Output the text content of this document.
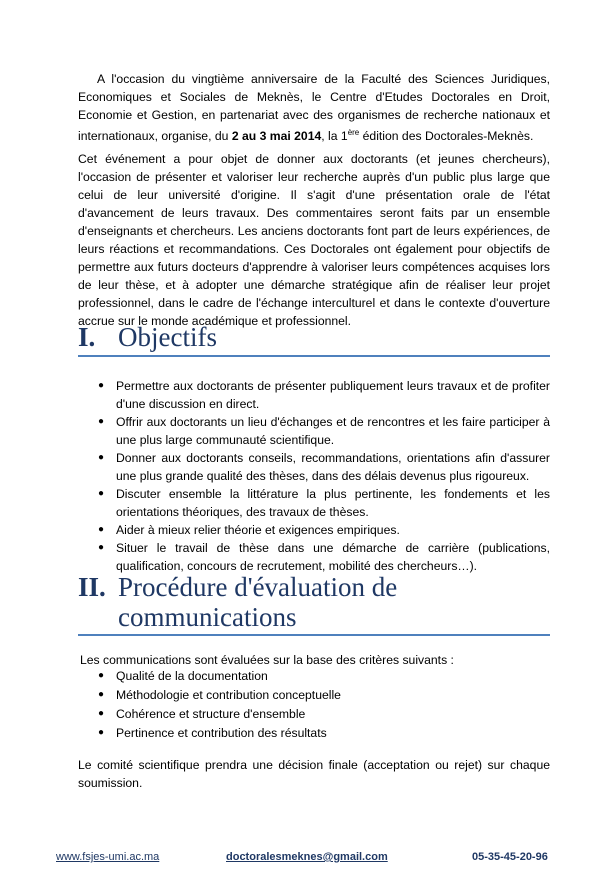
A l'occasion du vingtième anniversaire de la Faculté des Sciences Juridiques, Economiques et Sociales de Meknès, le Centre d'Etudes Doctorales en Droit, Economie et Gestion, en partenariat avec des organismes de recherche nationaux et internationaux, organise, du 2 au 3 mai 2014, la 1ère édition des Doctorales-Meknès.

Cet événement a pour objet de donner aux doctorants (et jeunes chercheurs), l'occasion de présenter et valoriser leur recherche auprès d'un public plus large que celui de leur université d'origine. Il s'agit d'une présentation orale de l'état d'avancement de leurs travaux. Des commentaires seront faits par un ensemble d'enseignants et chercheurs. Les anciens doctorants font part de leurs expériences, de leurs réactions et recommandations. Ces Doctorales ont également pour objectifs de permettre aux futurs docteurs d'apprendre à valoriser leurs compétences acquises lors de leur thèse, et à adopter une démarche stratégique afin de réaliser leur projet professionnel, dans le cadre de l'échange interculturel et dans le contexte d'ouverture accrue sur le monde académique et professionnel.

I. Objectifs
● Permettre aux doctorants de présenter publiquement leurs travaux et de profiter d'une discussion en direct.
● Offrir aux doctorants un lieu d'échanges et de rencontres et les faire participer à une plus large communauté scientifique.
● Donner aux doctorants conseils, recommandations, orientations afin d'assurer une plus grande qualité des thèses, dans des délais devenus plus rigoureux.
● Discuter ensemble la littérature la plus pertinente, les fondements et les orientations théoriques, des travaux de thèses.
● Aider à mieux relier théorie et exigences empiriques.
● Situer le travail de thèse dans une démarche de carrière (publications, qualification, concours de recrutement, mobilité des chercheurs…).
II. Procédure d'évaluation de communications
Les communications sont évaluées sur la base des critères suivants :
● Qualité de la documentation
● Méthodologie et contribution conceptuelle
● Cohérence et structure d'ensemble
● Pertinence et contribution des résultats

Le comité scientifique prendra une décision finale (acceptation ou rejet) sur chaque soumission.

www.fsjes-umi.ac.ma	doctoralesmeknes@gmail.com	05-35-45-20-96
